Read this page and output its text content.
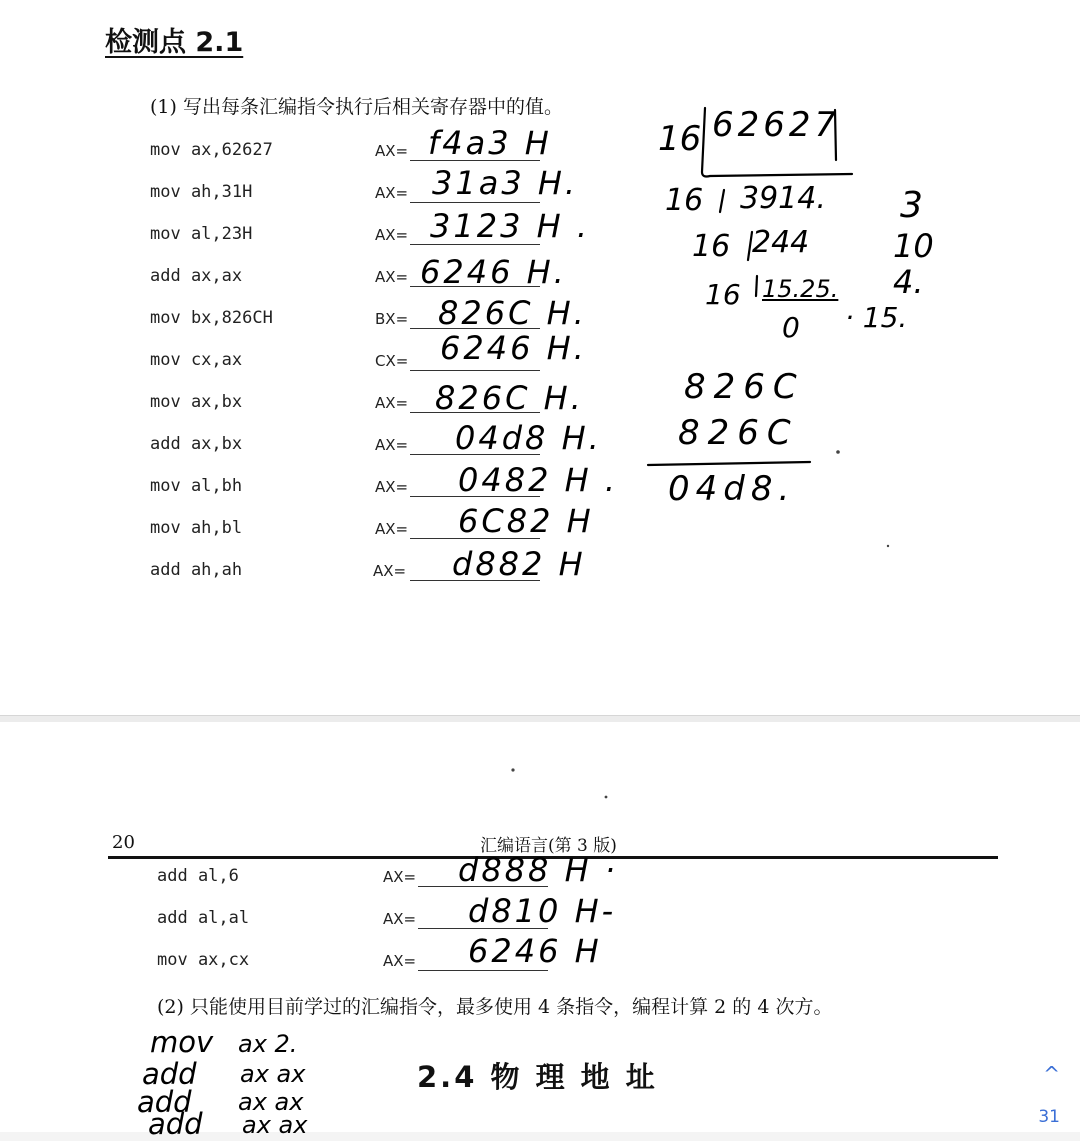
检测点 2.1
(1) 写出每条汇编指令执行后相关寄存器中的值。
mov ax,62627	AX= f4a3 H
mov ah,31H	AX= 31a3 H.
mov al,23H	AX= 3123 H .
add ax,ax	AX= 6246 H.
mov bx,826CH	BX= 826C H.
mov cx,ax	CX= 6246 H.
mov ax,bx	AX= 826C H.
add ax,bx	AX= 04d8 H.
mov al,bh	AX= 0482 H .
mov ah,bl	AX= 6C82 H
add ah,ah	AX= d882 H
16 62627
16 3914. 3
16 244	10
16 15.25. 4.
0 · 15.
826C
826C
04d8.
20	汇编语言(第 3 版)
add al,6	AX= d888 H ·
add al,al	AX= d810 H-
mov ax,cx	AX= 6246 H
(2) 只能使用目前学过的汇编指令，最多使用 4 条指令，编程计算 2 的 4 次方。
mov ax 2.
add ax ax
add ax ax
add ax ax
2.4 物 理 地 址	^
31
